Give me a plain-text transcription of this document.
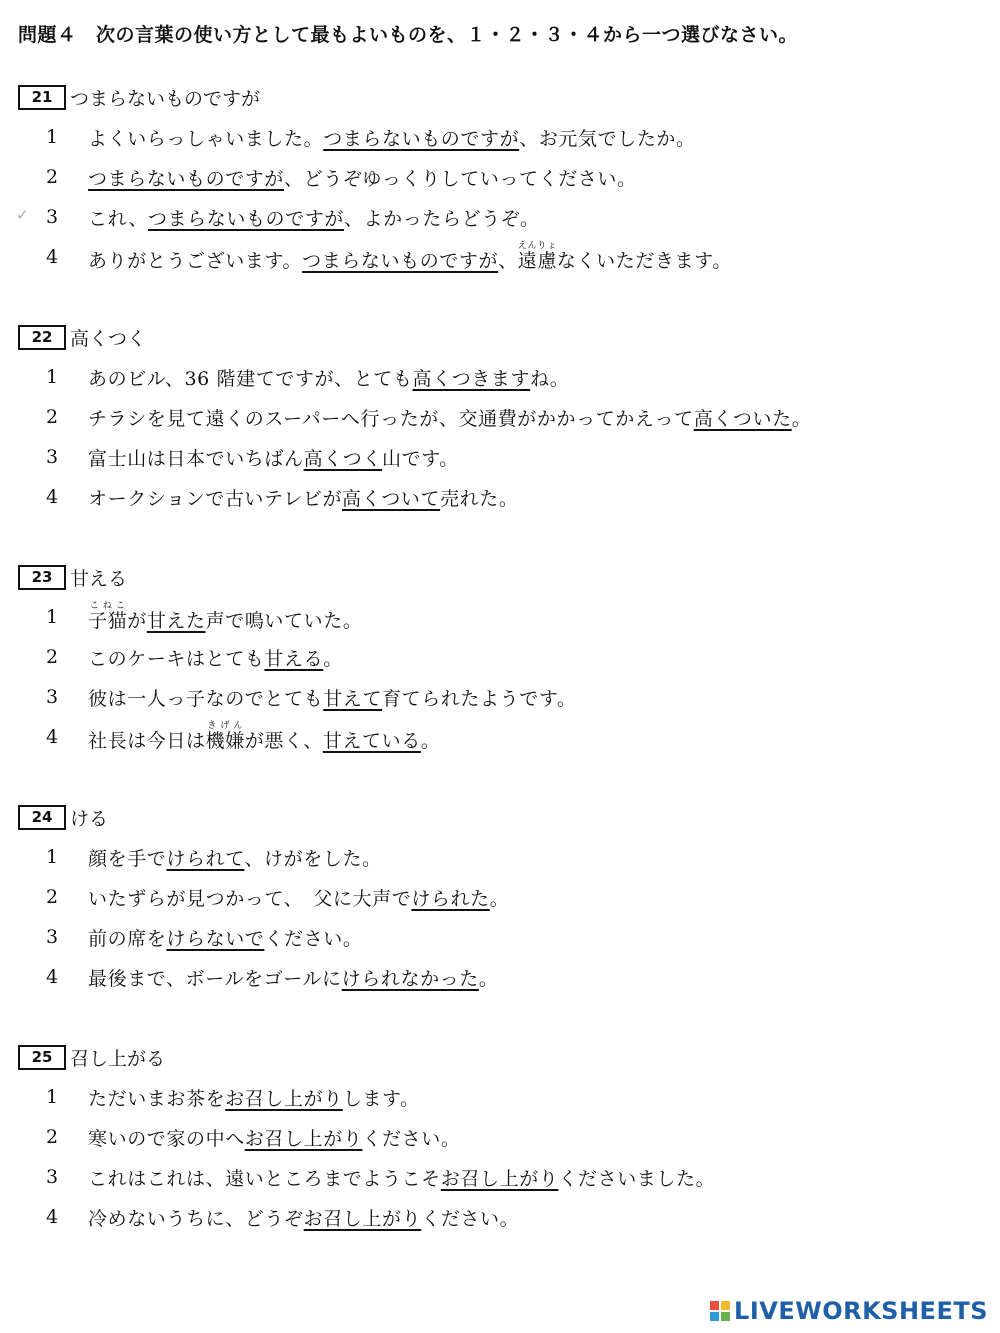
問題４　次の言葉の使い方として最もよいものを、１・２・３・４から一つ選びなさい。
21 つまらないものですが
1	よくいらっしゃいました。つまらないものですが、お元気でしたか。
2	つまらないものですが、どうぞゆっくりしていってください。
✓ 3	これ、つまらないものですが、よかったらどうぞ。
4	ありがとうございます。つまらないものですが、遠慮えんりょなくいただきます。
22 高くつく
1	あのビル、36 階建てですが、とても高くつきますね。
2	チラシを見て遠くのスーパーへ行ったが、交通費がかかってかえって高くついた。
3	富士山は日本でいちばん高くつく山です。
4	オークションで古いテレビが高くついて売れた。
23 甘える
1	子猫こねこが甘えた声で鳴いていた。
2	このケーキはとても甘える。
3	彼は一人っ子なのでとても甘えて育てられたようです。
4	社長は今日は機嫌きげんが悪く、甘えている。
24 ける
1	顔を手でけられて、けがをした。
2	いたずらが見つかって、　父に大声でけられた。
3	前の席をけらないでください。
4	最後まで、ボールをゴールにけられなかった。
25 召し上がる
1	ただいまお茶をお召し上がりします。
2	寒いので家の中へお召し上がりください。
3	これはこれは、遠いところまでようこそお召し上がりくださいました。
4	冷めないうちに、どうぞお召し上がりください。
LIVEWORKSHEETS
